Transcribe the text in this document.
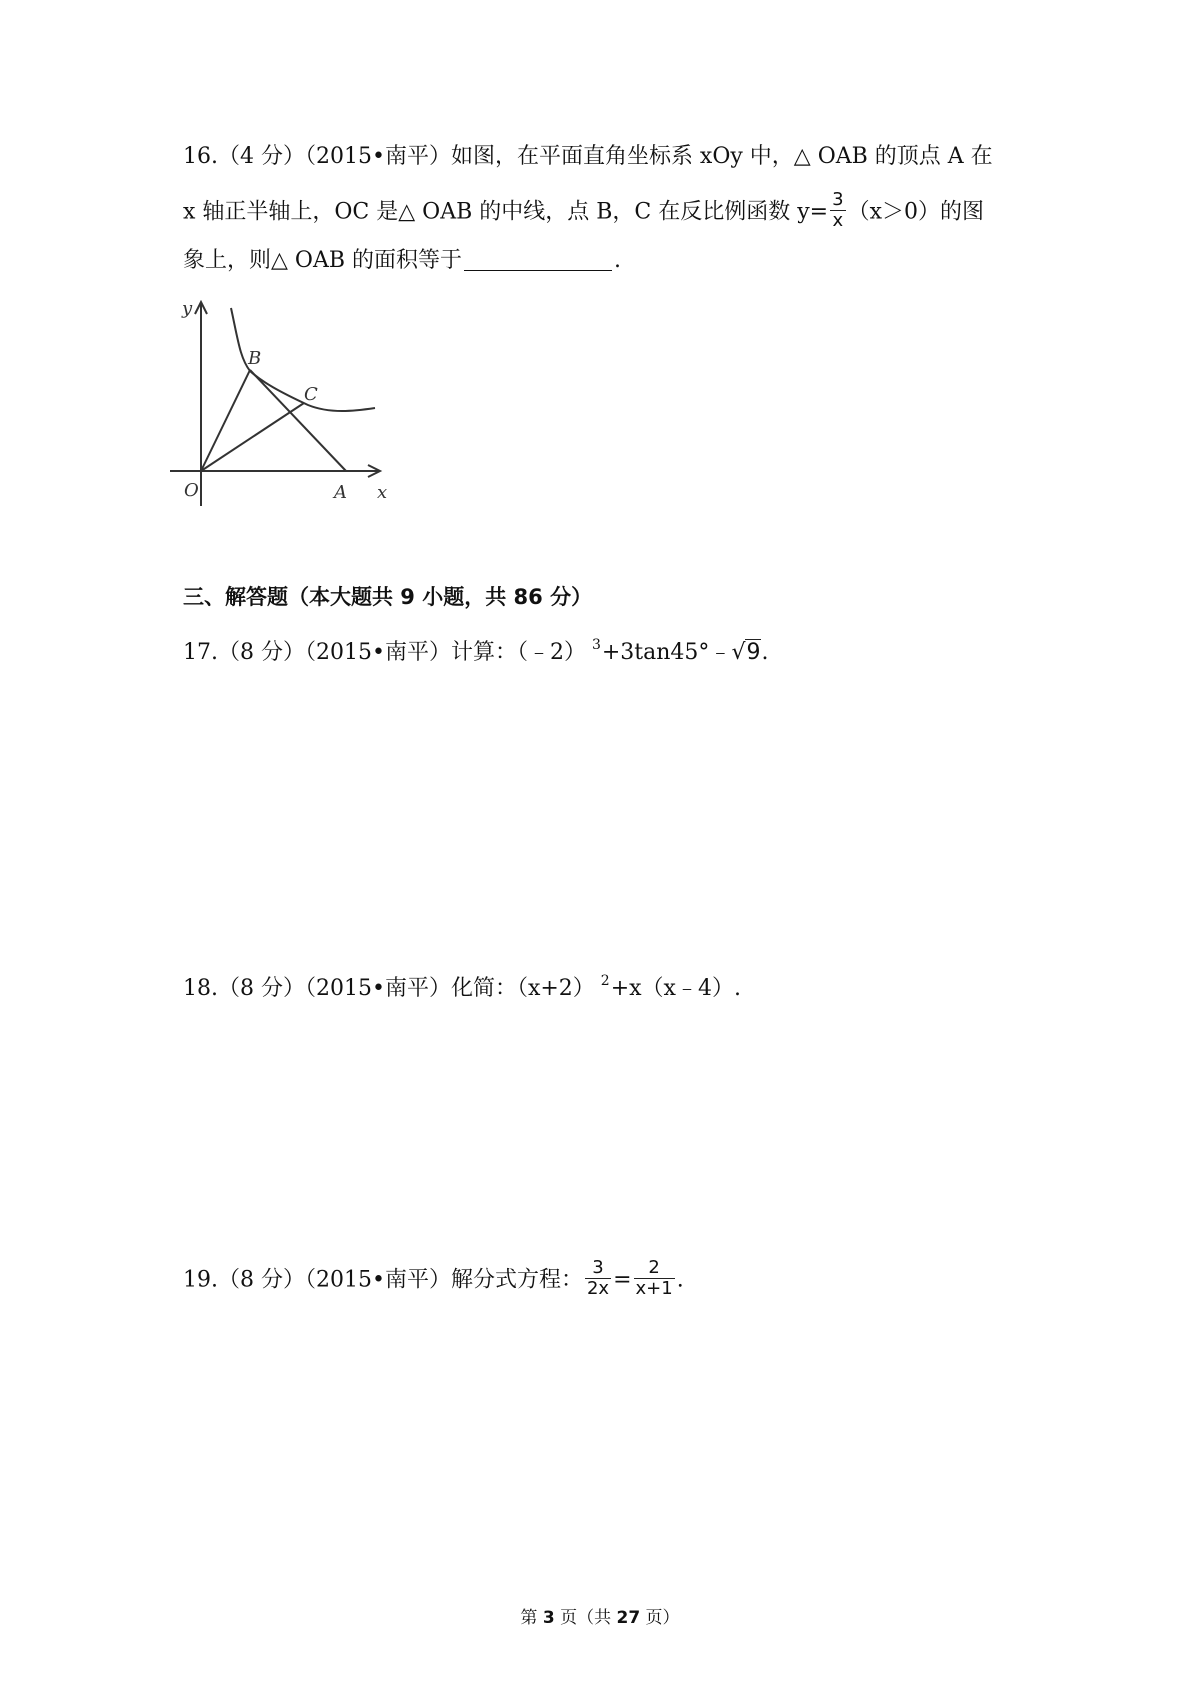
16.（4 分）（2015•南平）如图，在平面直角坐标系 xOy 中，△ OAB 的顶点 A 在
x 轴正半轴上，OC 是△ OAB 的中线，点 B，C 在反比例函数 $y= \frac{3}{x} (x>0)$的图
象上，则△ OAB 的面积等于	.
y
x
O	A
B
C
三、解答题（本大题共 9 小题，共 86 分）
17.（8 分）（2015•南平）计算：（﹣2） $^3$+3tan45°﹣√9.
18.（8 分）（2015•南平）化简：（x+2） $^2$+x（x﹣4）.
19.（8 分）（2015•南平）解分式方程： $\frac{3}{2x} = \frac{2}{x+1}$ .
第 3 页（共 27 页）
